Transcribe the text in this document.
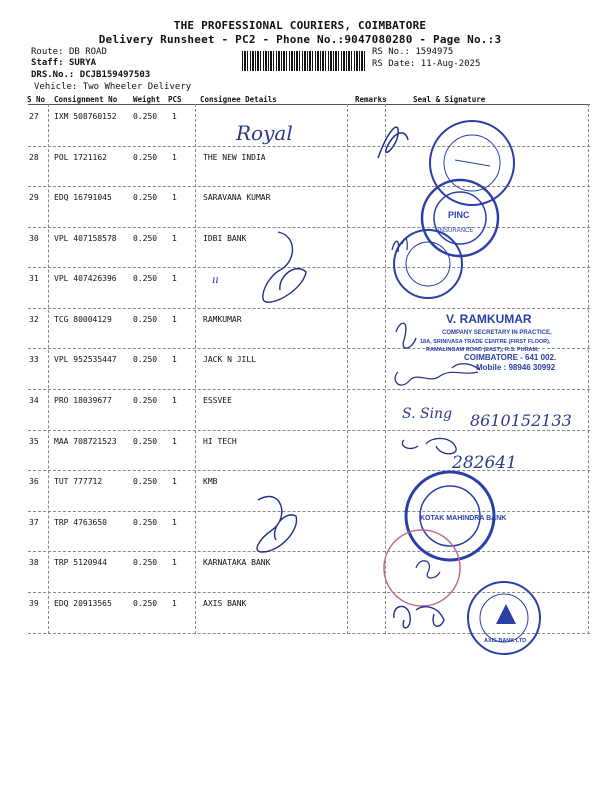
THE PROFESSIONAL COURIERS, COIMBATORE
Delivery Runsheet - PC2 - Phone No.:9047080280 - Page No.:3
Route: DB ROAD
Staff: SURYA
DRS.No.: DCJB159497503
Vehicle: Two Wheeler Delivery
RS No.: 1594975
RS Date: 11-Aug-2025
S No Consignment No Weight PCS Consignee Details	Remarks	Seal & Signature
27 IXM 508760152 0.250 1
28 POL 1721162	0.250 1	THE NEW INDIA
29 EDQ 16791045	0.250 1	SARAVANA KUMAR
30 VPL 407158578 0.250 1	IDBI BANK
31 VPL 407426396 0.250 1
32 TCG 80004129	0.250 1	RAMKUMAR
33 VPL 952535447 0.250 1	JACK N JILL
34 PRO 18039677	0.250 1	ESSVEE
35 MAA 708721523 0.250 1	HI TECH
36 TUT 777712	0.250 1	KMB
37 TRP 4763650	0.250 1
38 TRP 5120944	0.250 1	KARNATAKA BANK
39 EDQ 20913565	0.250 1	AXIS BANK
Royal
PINC
INSURANCE
ıı
V. RAMKUMAR
COMPANY SECRETARY IN PRACTICE,
18A, SRINIVASA TRADE CENTRE (FIRST FLOOR),
RAMALINGAM ROAD (EAST), R.S. PURAM,
COIMBATORE - 641 002.
Mobile : 98946 30992
S. Sing 8610152133
282641
KOTAK MAHINDRA BANK
AXIS BANK LTD
